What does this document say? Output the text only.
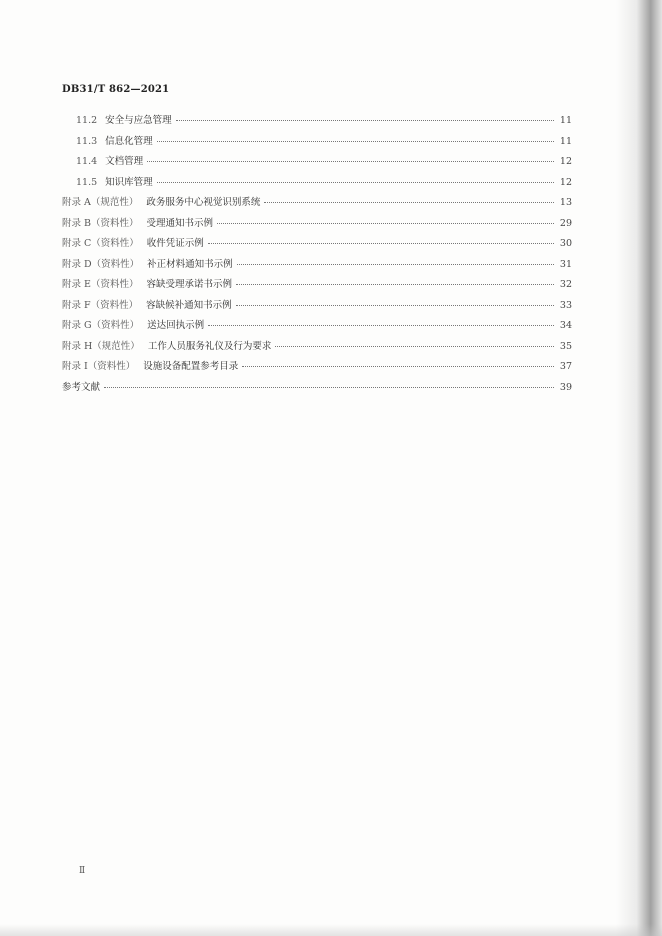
DB31/T 862—2021
11.2 安全与应急管理	11
11.3 信息化管理	11
11.4 文档管理	12
11.5 知识库管理	12
附录 A（规范性） 政务服务中心视觉识别系统	13
附录 B（资料性） 受理通知书示例	29
附录 C（资料性） 收件凭证示例	30
附录 D（资料性） 补正材料通知书示例	31
附录 E（资料性） 容缺受理承诺书示例	32
附录 F（资料性） 容缺候补通知书示例	33
附录 G（资料性） 送达回执示例	34
附录 H（规范性） 工作人员服务礼仪及行为要求	35
附录 I（资料性） 设施设备配置参考目录	37
参考文献	39
Ⅱ
